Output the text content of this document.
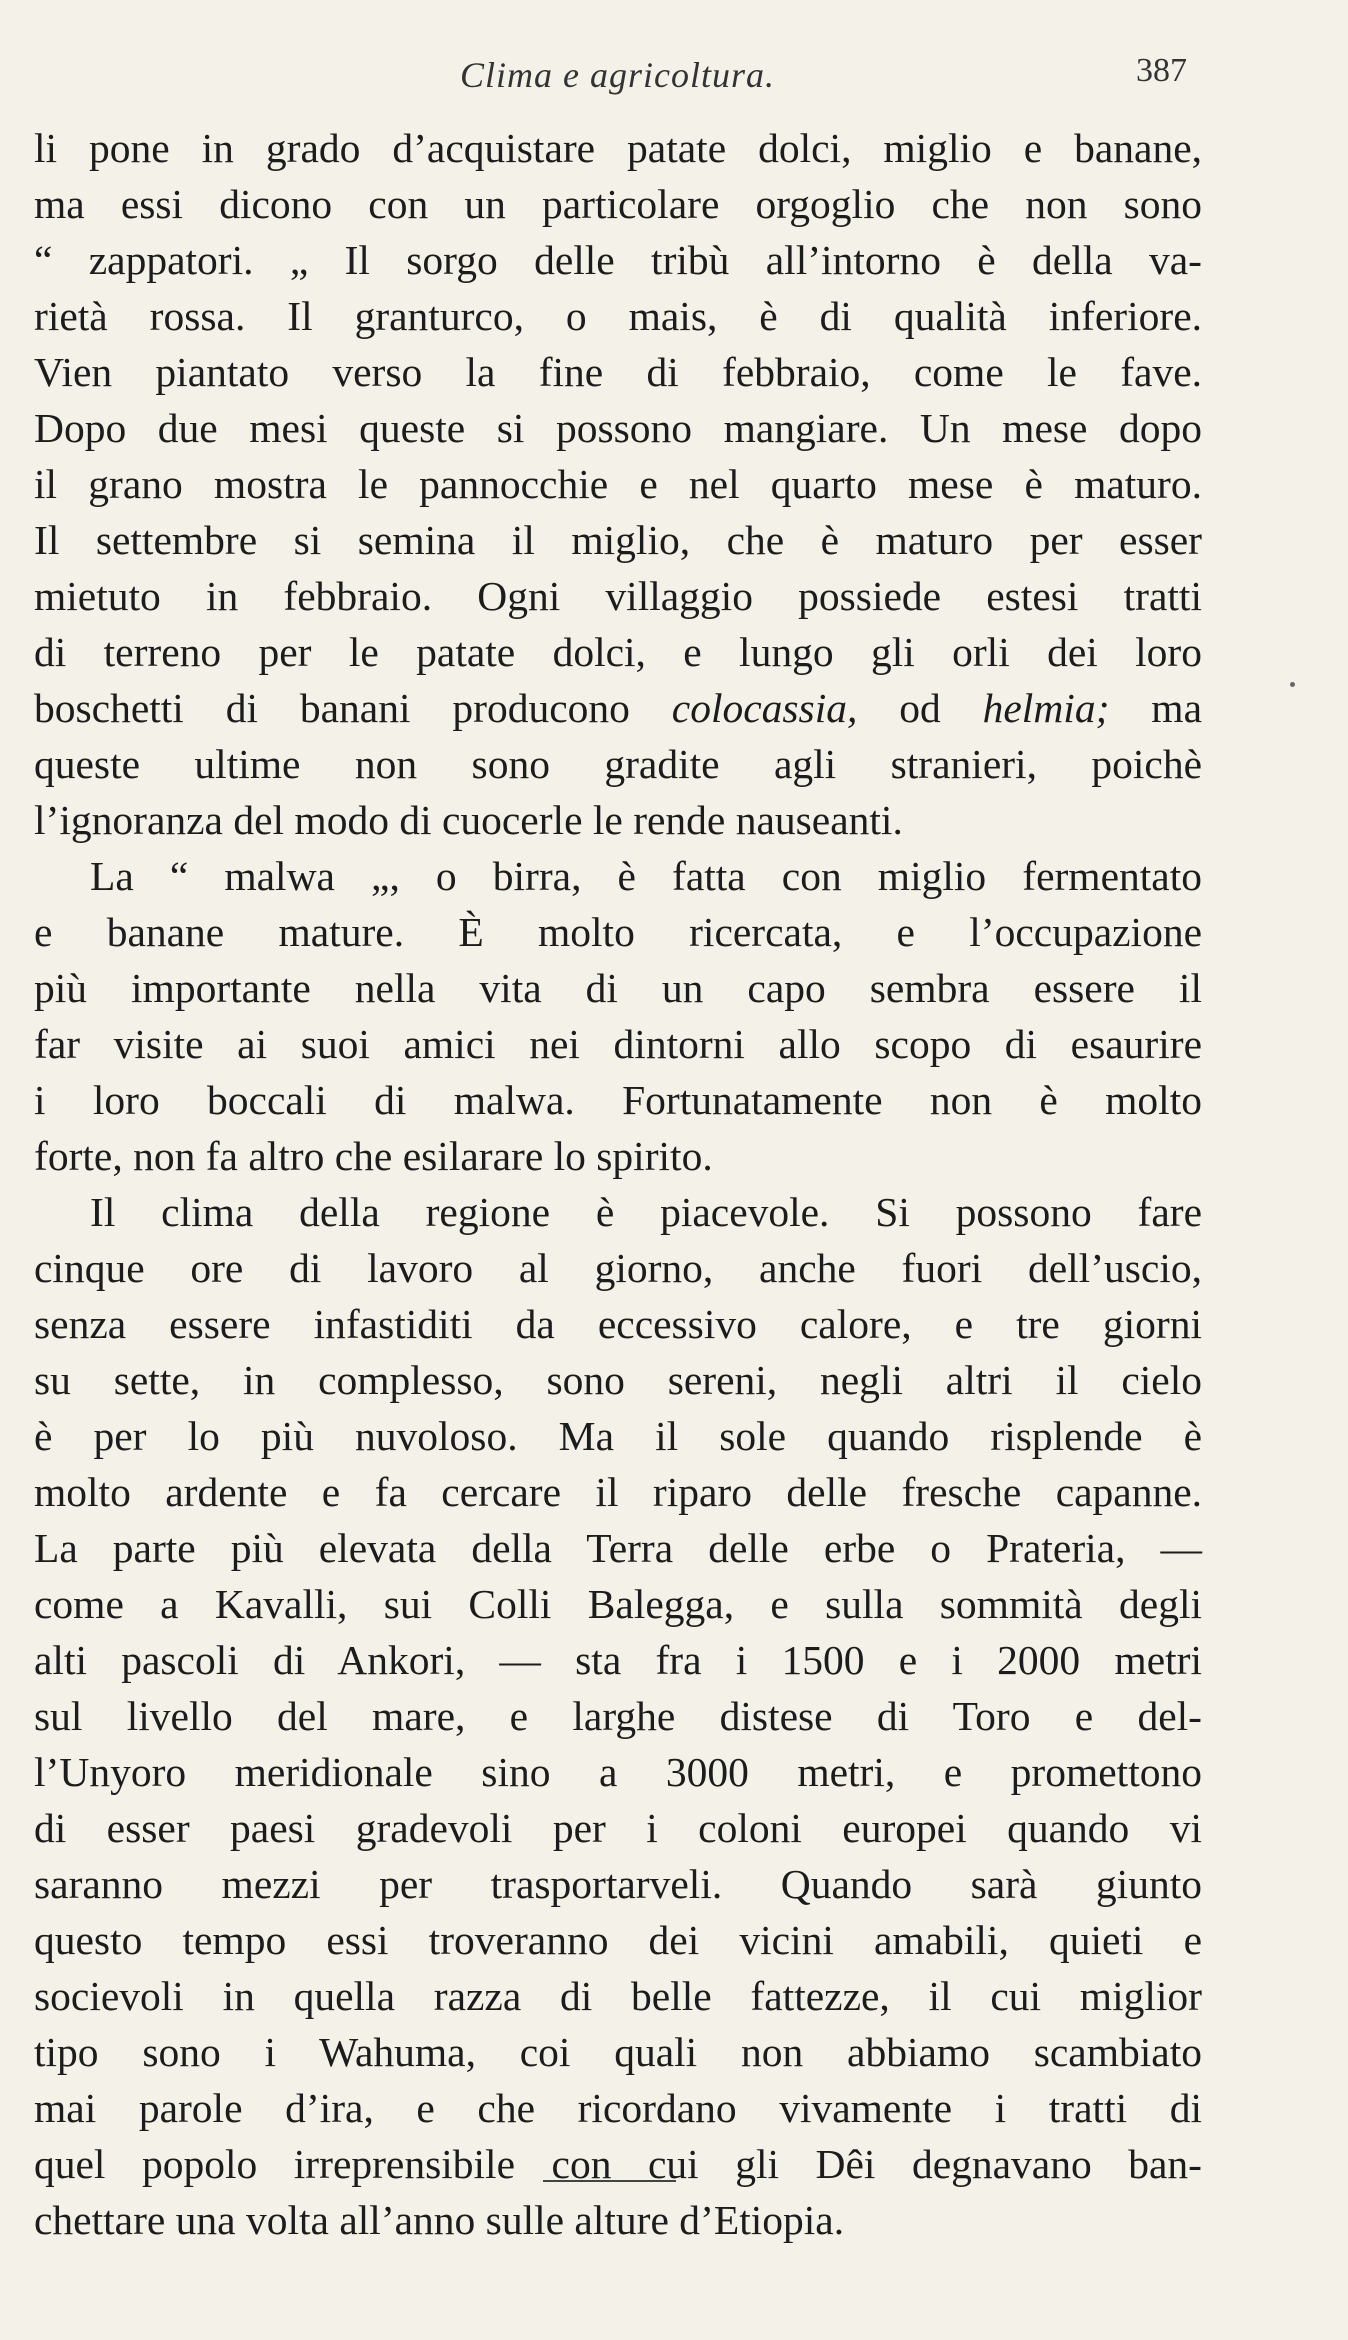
Clima e agricoltura.	387
li pone in grado d’acquistare patate dolci, miglio e banane,
ma essi dicono con un particolare orgoglio che non sono
“ zappatori. „ Il sorgo delle tribù all’intorno è della va-
rietà rossa. Il granturco, o mais, è di qualità inferiore.
Vien piantato verso la fine di febbraio, come le fave.
Dopo due mesi queste si possono mangiare. Un mese dopo
il grano mostra le pannocchie e nel quarto mese è maturo.
Il settembre si semina il miglio, che è maturo per esser
mietuto in febbraio. Ogni villaggio possiede estesi tratti
di terreno per le patate dolci, e lungo gli orli dei loro
boschetti di banani producono colocassia, od helmia; ma
queste ultime non sono gradite agli stranieri, poichè
l’ignoranza del modo di cuocerle le rende nauseanti.
La “ malwa „, o birra, è fatta con miglio fermentato
e banane mature. È molto ricercata, e l’occupazione
più importante nella vita di un capo sembra essere il
far visite ai suoi amici nei dintorni allo scopo di esaurire
i loro boccali di malwa. Fortunatamente non è molto
forte, non fa altro che esilarare lo spirito.
Il clima della regione è piacevole. Si possono fare
cinque ore di lavoro al giorno, anche fuori dell’uscio,
senza essere infastiditi da eccessivo calore, e tre giorni
su sette, in complesso, sono sereni, negli altri il cielo
è per lo più nuvoloso. Ma il sole quando risplende è
molto ardente e fa cercare il riparo delle fresche capanne.
La parte più elevata della Terra delle erbe o Prateria, —
come a Kavalli, sui Colli Balegga, e sulla sommità degli
alti pascoli di Ankori, — sta fra i 1500 e i 2000 metri
sul livello del mare, e larghe distese di Toro e del-
l’Unyoro meridionale sino a 3000 metri, e promettono
di esser paesi gradevoli per i coloni europei quando vi
saranno mezzi per trasportarveli. Quando sarà giunto
questo tempo essi troveranno dei vicini amabili, quieti e
socievoli in quella razza di belle fattezze, il cui miglior
tipo sono i Wahuma, coi quali non abbiamo scambiato
mai parole d’ira, e che ricordano vivamente i tratti di
quel popolo irreprensibile con cui gli Dêi degnavano ban-
chettare una volta all’anno sulle alture d’Etiopia.
